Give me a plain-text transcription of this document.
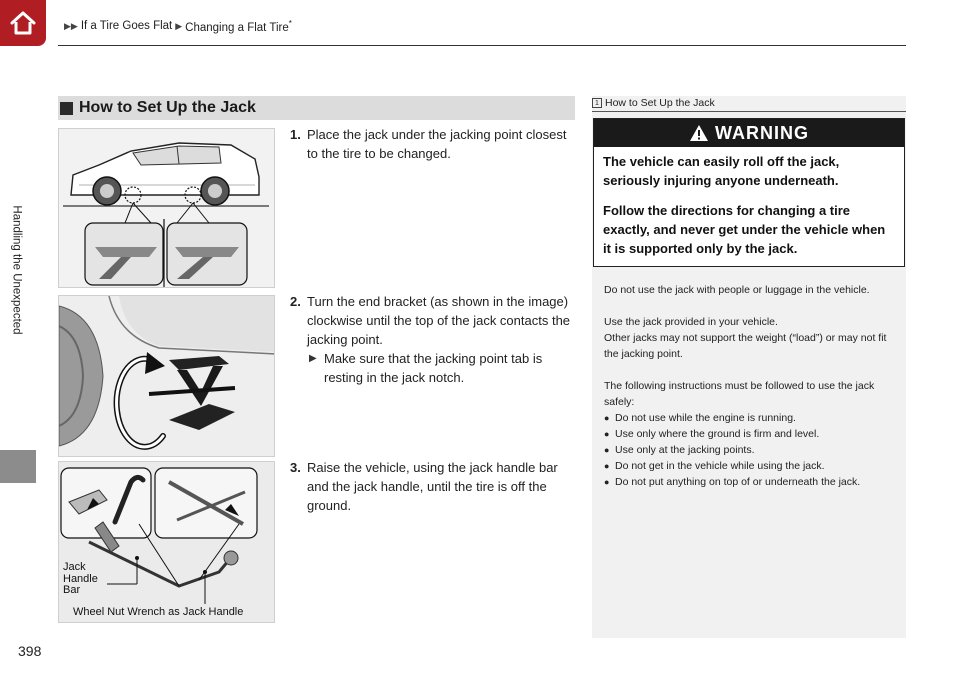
▶▶ If a Tire Goes Flat ▶ Changing a Flat Tire*
Handling the Unexpected
398
How to Set Up the Jack
Jack Handle Bar
Wheel Nut Wrench as Jack Handle
1. Place the jack under the jacking point closest to the tire to be changed.
2. Turn the end bracket (as shown in the image) clockwise until the top of the jack contacts the jacking point.
▶ Make sure that the jacking point tab is resting in the jack notch.
3. Raise the vehicle, using the jack handle bar and the jack handle, until the tire is off the ground.
1 How to Set Up the Jack
WARNING

The vehicle can easily roll off the jack, seriously injuring anyone underneath.

Follow the directions for changing a tire exactly, and never get under the vehicle when it is supported only by the jack.

Do not use the jack with people or luggage in the vehicle.

Use the jack provided in your vehicle.
Other jacks may not support the weight (“load”) or may not fit the jacking point.

The following instructions must be followed to use the jack safely:
● Do not use while the engine is running.
● Use only where the ground is firm and level.
● Use only at the jacking points.
● Do not get in the vehicle while using the jack.
● Do not put anything on top of or underneath the jack.
